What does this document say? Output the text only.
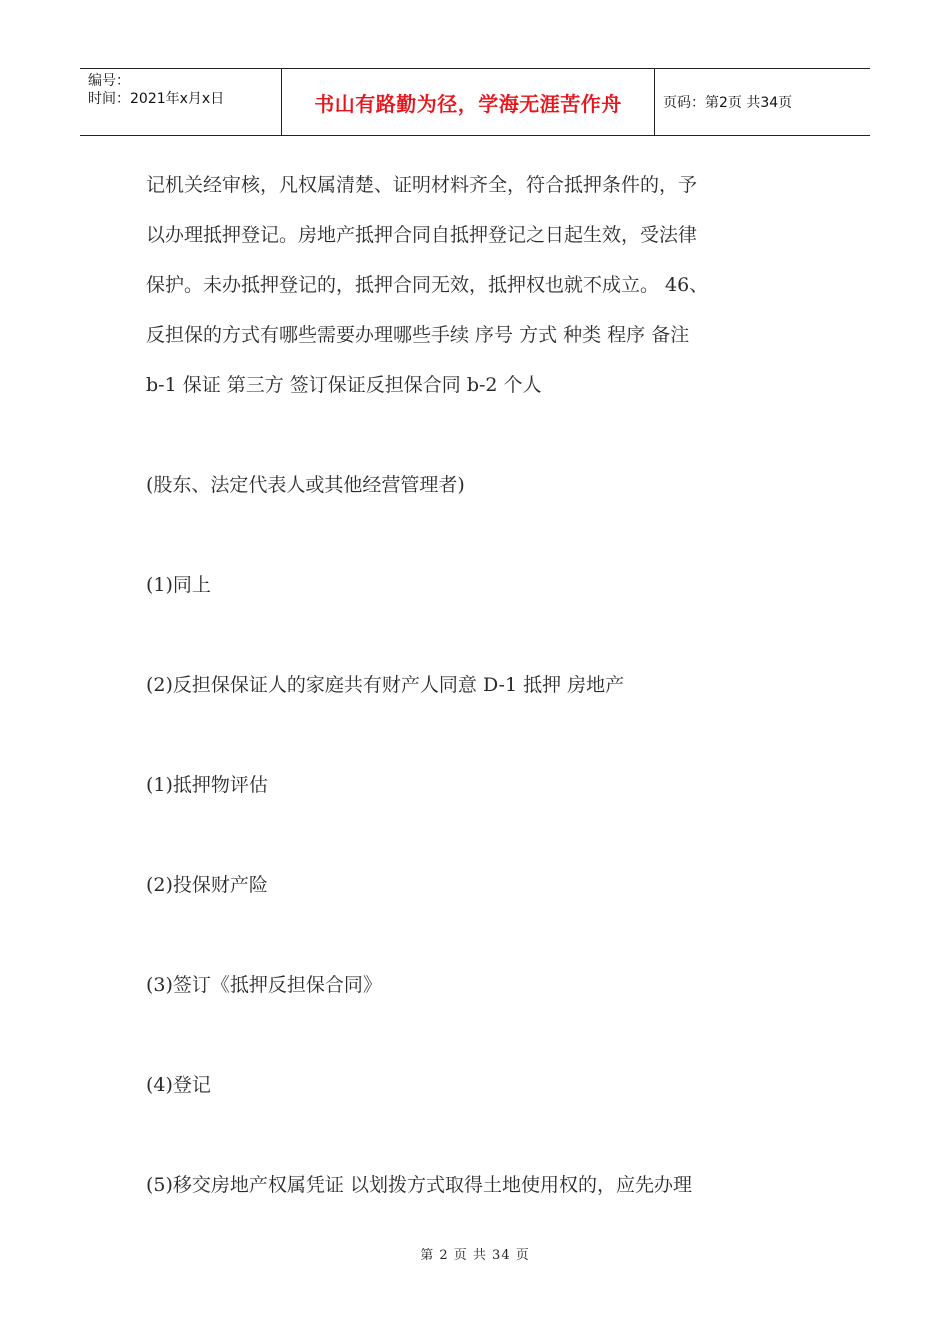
编号：
时间：2021年x月x日	书山有路勤为径，学海无涯苦作舟	页码：第2页 共34页

记机关经审核，凡权属清楚、证明材料齐全，符合抵押条件的，予

以办理抵押登记。房地产抵押合同自抵押登记之日起生效，受法律

保护。未办抵押登记的，抵押合同无效，抵押权也就不成立。 46、

反担保的方式有哪些需要办理哪些手续 序号 方式 种类 程序 备注

b-1 保证 第三方 签订保证反担保合同 b-2 个人

(股东、法定代表人或其他经营管理者)

(1)同上

(2)反担保保证人的家庭共有财产人同意 D-1 抵押 房地产

(1)抵押物评估

(2)投保财产险

(3)签订《抵押反担保合同》

(4)登记

(5)移交房地产权属凭证 以划拨方式取得土地使用权的，应先办理

第 2 页 共 34 页
